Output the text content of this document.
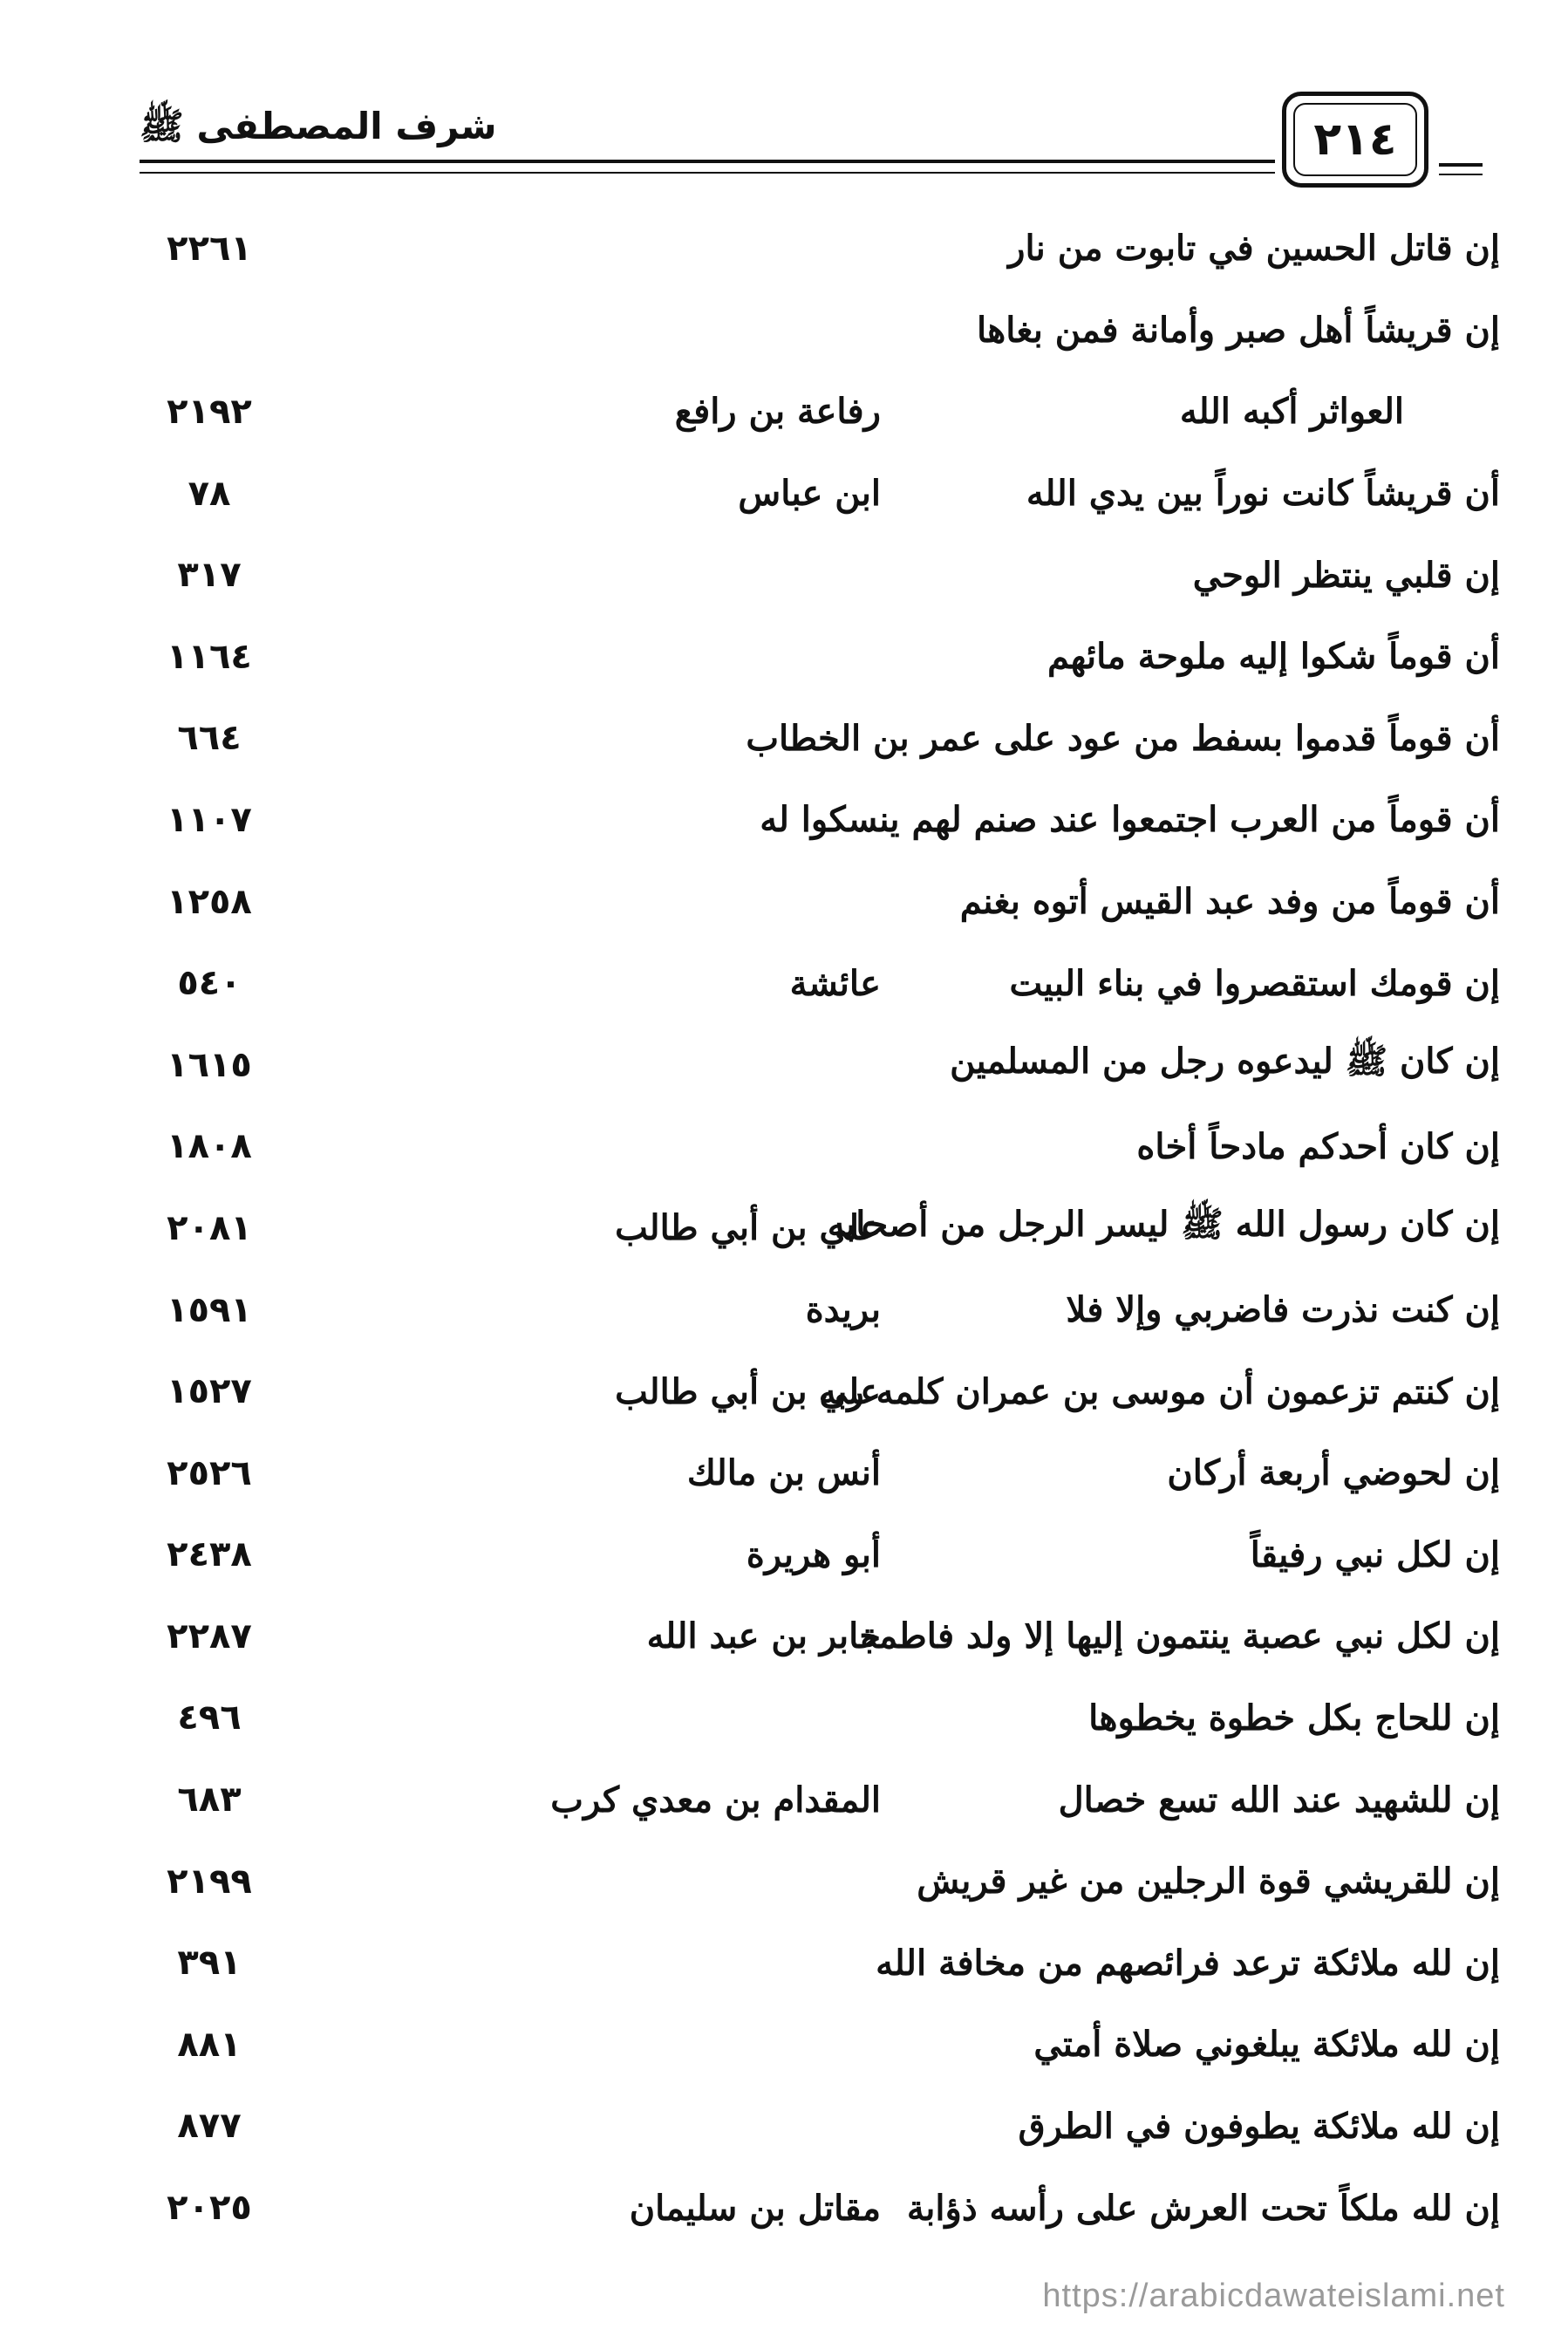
شرف المصطفى ﷺ	٢١٤
إن قاتل الحسين في تابوت من نار
٢٢٦١
إن قريشاً أهل صبر وأمانة فمن بغاها
العواثر أكبه الله
رفاعة بن رافع
٢١٩٢
أن قريشاً كانت نوراً بين يدي الله
ابن عباس
٧٨
إن قلبي ينتظر الوحي
٣١٧
أن قوماً شكوا إليه ملوحة مائهم
١١٦٤
أن قوماً قدموا بسفط من عود على عمر بن الخطاب
٦٦٤
أن قوماً من العرب اجتمعوا عند صنم لهم ينسكوا له
١١٠٧
أن قوماً من وفد عبد القيس أتوه بغنم
١٢٥٨
إن قومك استقصروا في بناء البيت
عائشة
٥٤٠
إن كان ﷺ ليدعوه رجل من المسلمين
١٦١٥
إن كان أحدكم مادحاً أخاه
١٨٠٨
إن كان رسول الله ﷺ ليسر الرجل من أصحابه
علي بن أبي طالب
٢٠٨١
إن كنت نذرت فاضربي وإلا فلا
بريدة
١٥٩١
إن كنتم تزعمون أن موسى بن عمران كلمه ربه
علي بن أبي طالب
١٥٢٧
إن لحوضي أربعة أركان
أنس بن مالك
٢٥٢٦
إن لكل نبي رفيقاً
أبو هريرة
٢٤٣٨
إن لكل نبي عصبة ينتمون إليها إلا ولد فاطمة
جابر بن عبد الله
٢٢٨٧
إن للحاج بكل خطوة يخطوها
٤٩٦
إن للشهيد عند الله تسع خصال
المقدام بن معدي كرب
٦٨٣
إن للقريشي قوة الرجلين من غير قريش
٢١٩٩
إن لله ملائكة ترعد فرائصهم من مخافة الله
٣٩١
إن لله ملائكة يبلغوني صلاة أمتي
٨٨١
إن لله ملائكة يطوفون في الطرق
٨٧٧
إن لله ملكاً تحت العرش على رأسه ذؤابة
مقاتل بن سليمان
٢٠٢٥
https://arabicdawateislami.net
